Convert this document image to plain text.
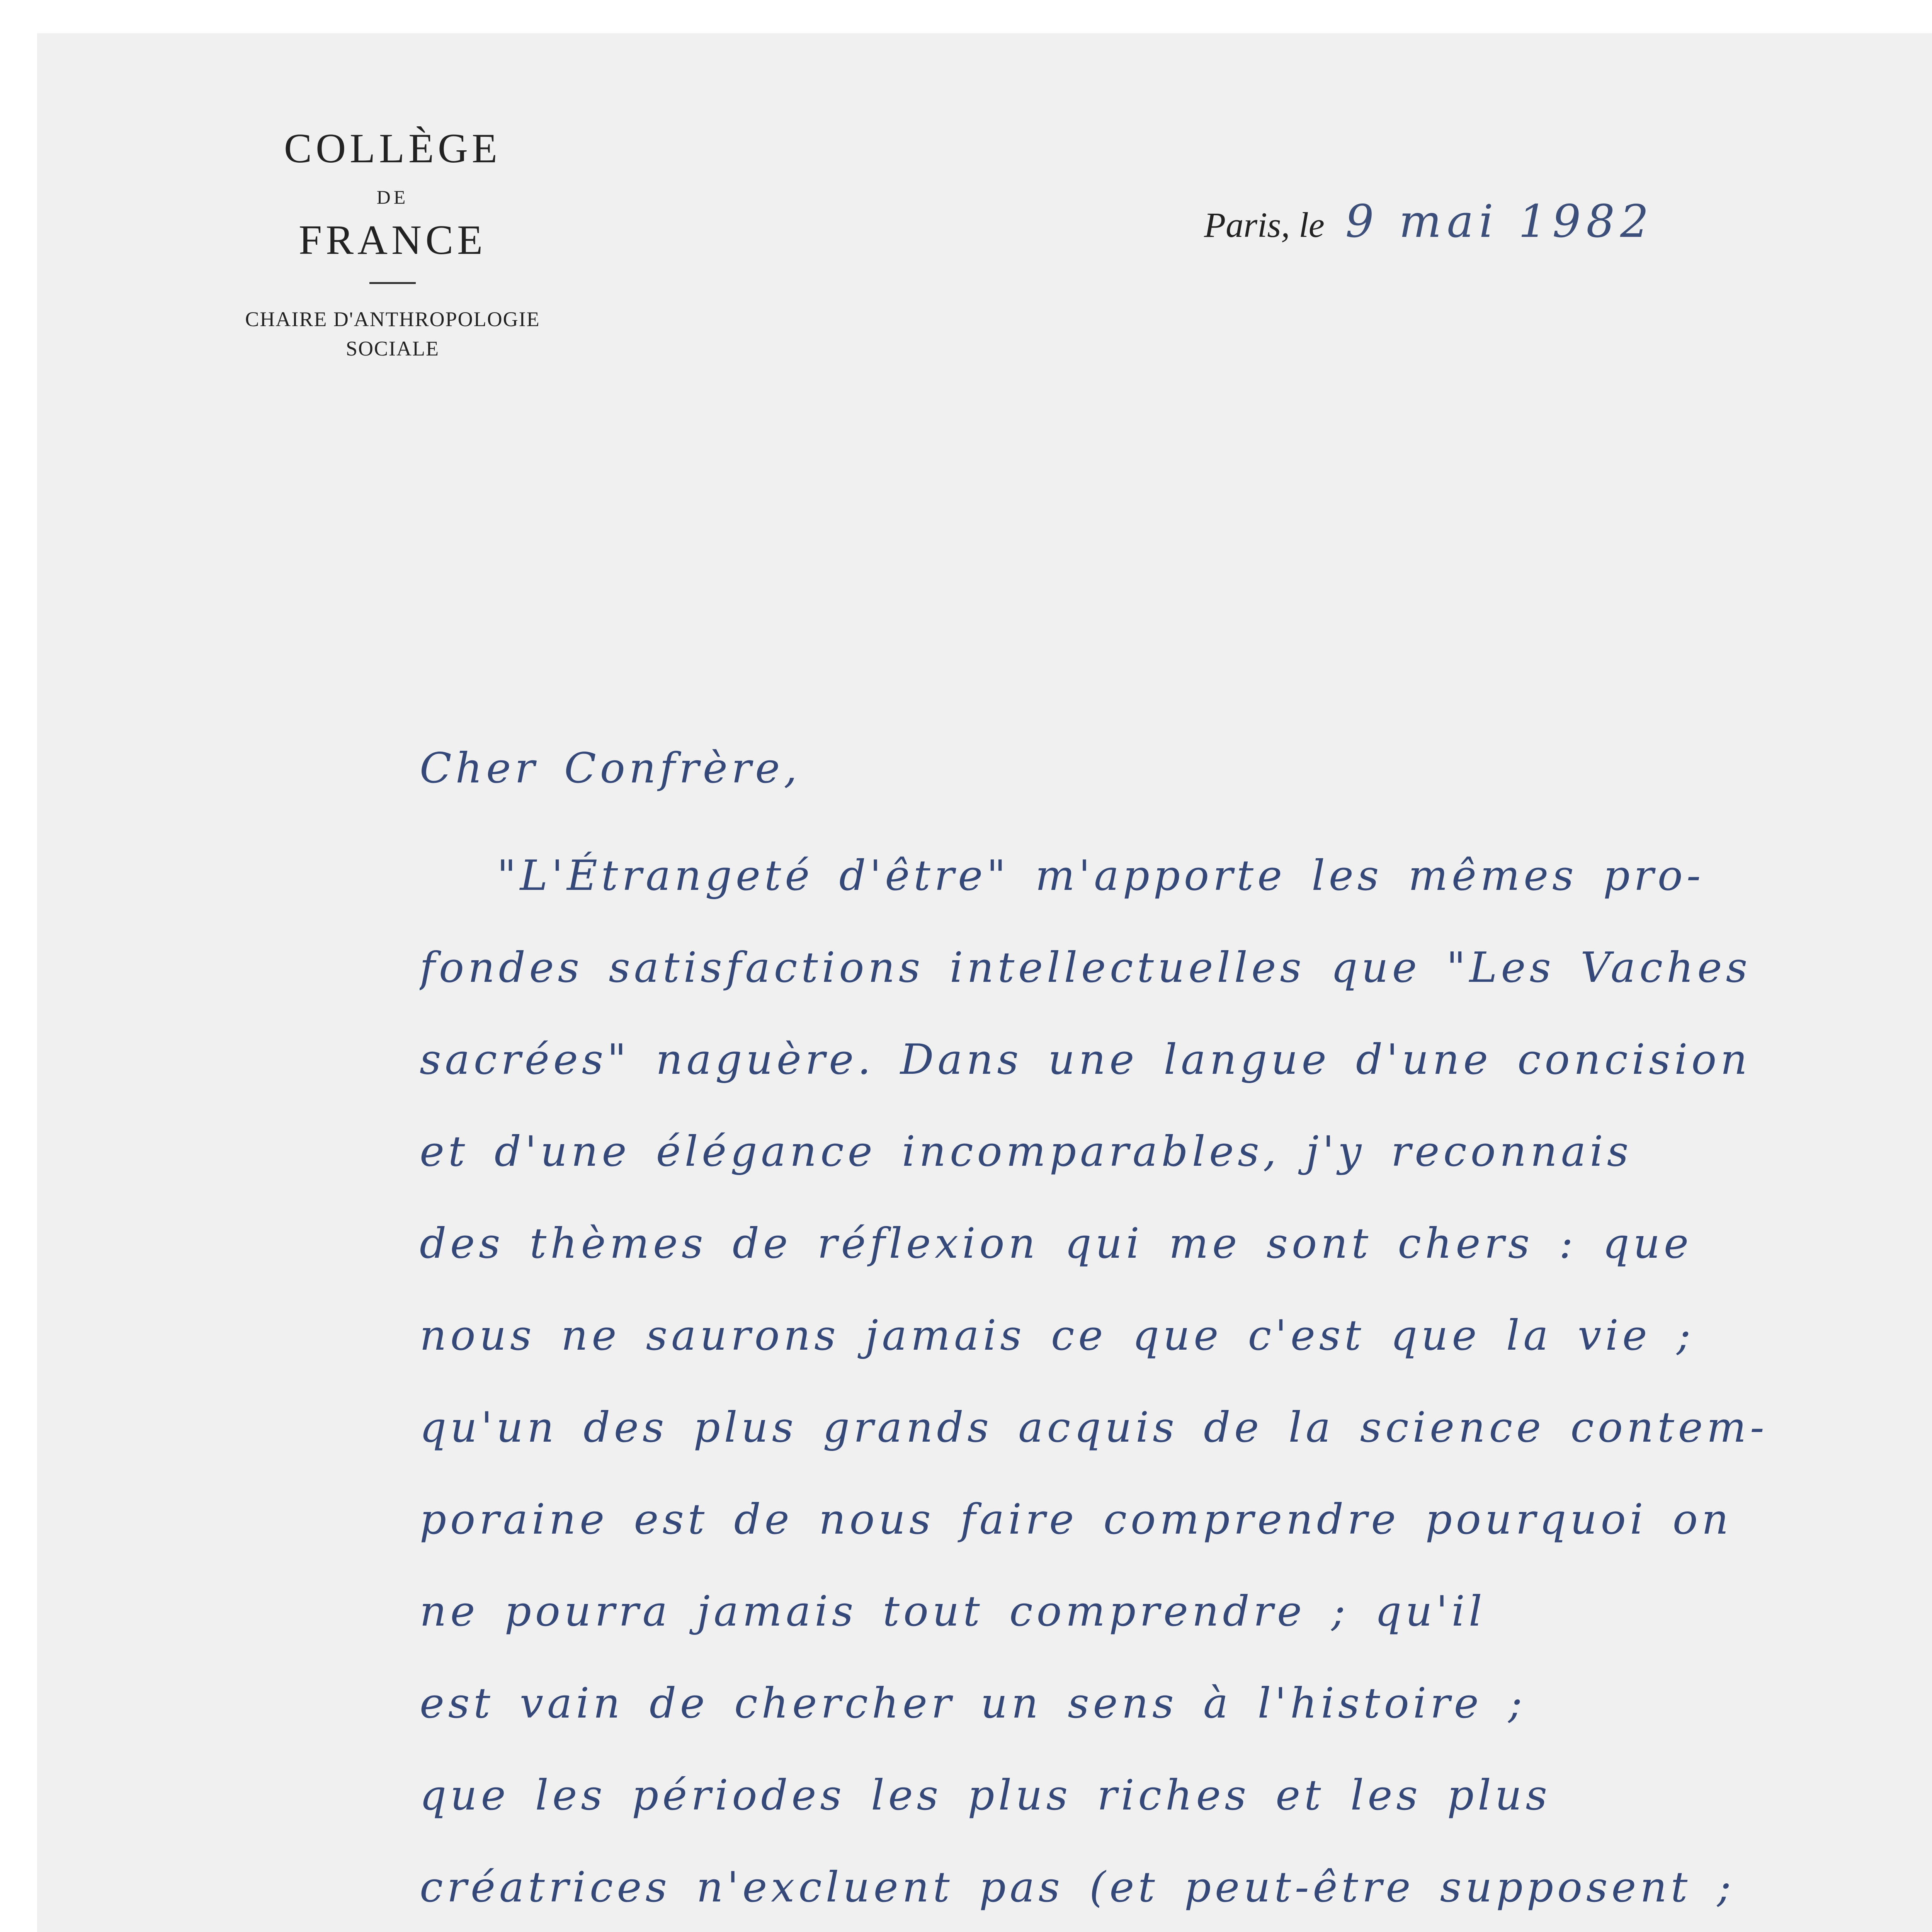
COLLÈGE
DE
FRANCE
CHAIRE D'ANTHROPOLOGIE
SOCIALE
Paris, le 9 mai 1982
Cher Confrère,
"L'Étrangeté d'être" m'apporte les mêmes pro-
fondes satisfactions intellectuelles que "Les Vaches
sacrées" naguère. Dans une langue d'une concision
et d'une élégance incomparables, j'y reconnais
des thèmes de réflexion qui me sont chers : que
nous ne saurons jamais ce que c'est que la vie ;
qu'un des plus grands acquis de la science contem-
poraine est de nous faire comprendre pourquoi on
ne pourra jamais tout comprendre ; qu'il
est vain de chercher un sens à l'histoire ;
que les périodes les plus riches et les plus
créatrices n'excluent pas (et peut-être supposent ;
